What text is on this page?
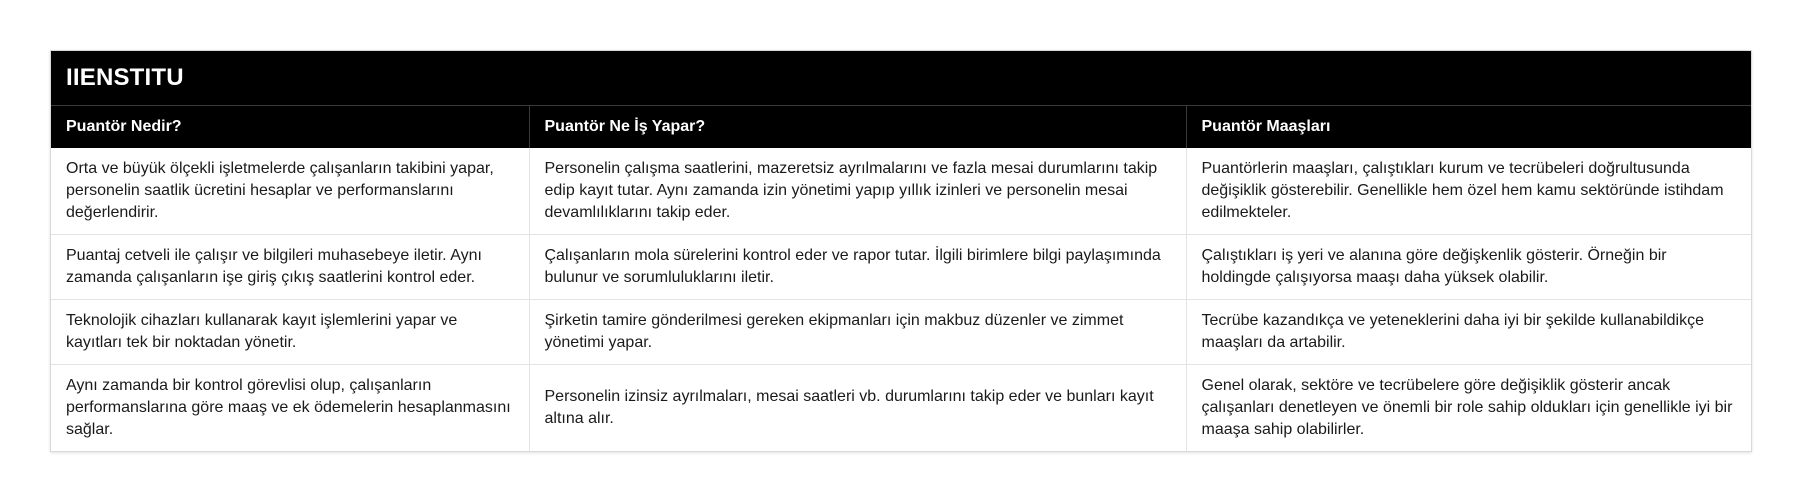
IIENSTITU
Puantör Nedir?	Puantör Ne İş Yapar?	Puantör Maaşları
Orta ve büyük ölçekli işletmelerde çalışanların takibini yapar, personelin saatlik ücretini hesaplar ve performanslarını değerlendirir.	Personelin çalışma saatlerini, mazeretsiz ayrılmalarını ve fazla mesai durumlarını takip edip kayıt tutar. Aynı zamanda izin yönetimi yapıp yıllık izinleri ve personelin mesai devamlılıklarını takip eder.	Puantörlerin maaşları, çalıştıkları kurum ve tecrübeleri doğrultusunda değişiklik gösterebilir. Genellikle hem özel hem kamu sektöründe istihdam edilmekteler.
Puantaj cetveli ile çalışır ve bilgileri muhasebeye iletir. Aynı zamanda çalışanların işe giriş çıkış saatlerini kontrol eder.	Çalışanların mola sürelerini kontrol eder ve rapor tutar. İlgili birimlere bilgi paylaşımında bulunur ve sorumluluklarını iletir.	Çalıştıkları iş yeri ve alanına göre değişkenlik gösterir. Örneğin bir holdingde çalışıyorsa maaşı daha yüksek olabilir.
Teknolojik cihazları kullanarak kayıt işlemlerini yapar ve kayıtları tek bir noktadan yönetir.	Şirketin tamire gönderilmesi gereken ekipmanları için makbuz düzenler ve zimmet yönetimi yapar.	Tecrübe kazandıkça ve yeteneklerini daha iyi bir şekilde kullanabildikçe maaşları da artabilir.
Aynı zamanda bir kontrol görevlisi olup, çalışanların performanslarına göre maaş ve ek ödemelerin hesaplanmasını sağlar.	Personelin izinsiz ayrılmaları, mesai saatleri vb. durumlarını takip eder ve bunları kayıt altına alır.	Genel olarak, sektöre ve tecrübelere göre değişiklik gösterir ancak çalışanları denetleyen ve önemli bir role sahip oldukları için genellikle iyi bir maaşa sahip olabilirler.
